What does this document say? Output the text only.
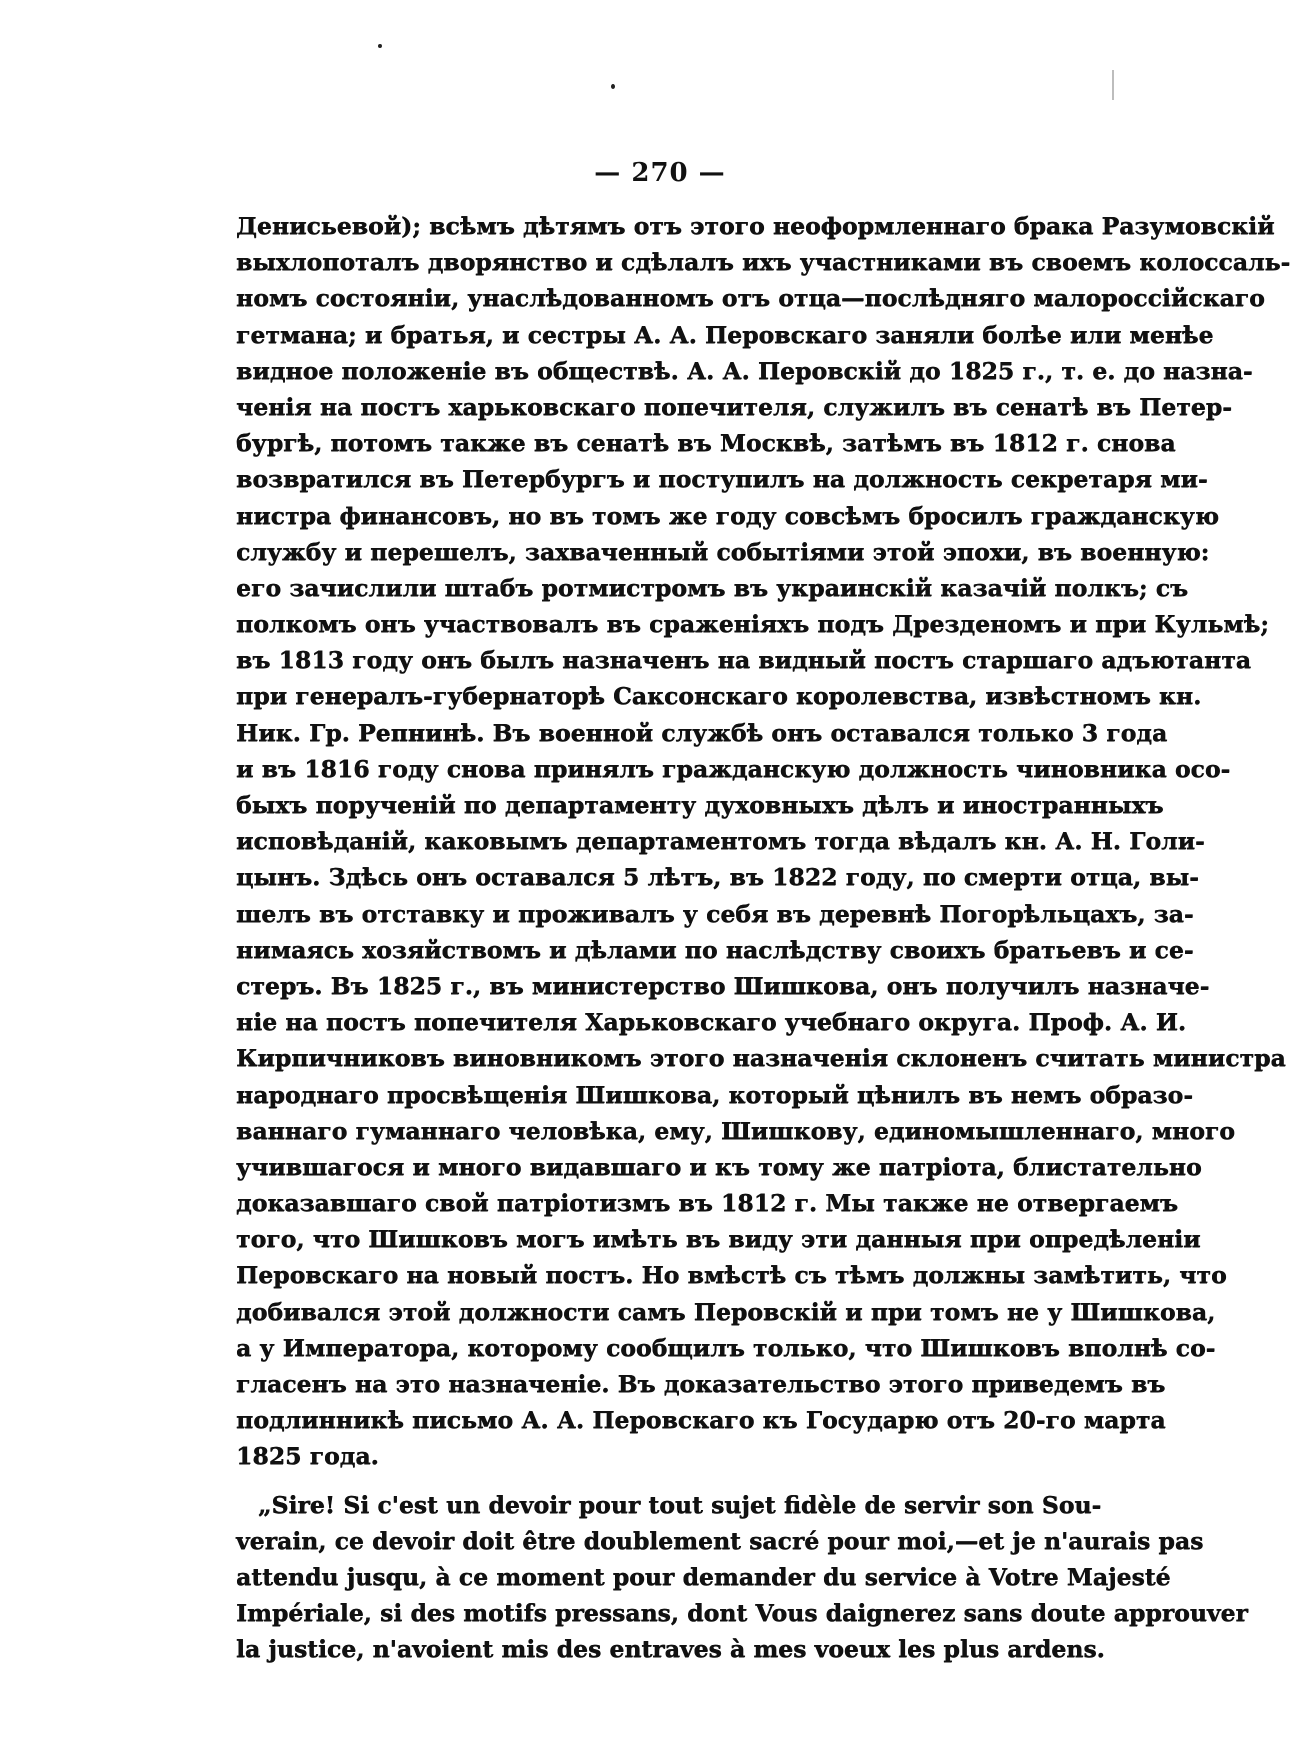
— 270 —
Денисьевой); всѣмъ дѣтямъ отъ этого неоформленнаго брака Разумовскій
выхлопоталъ дворянство и сдѣлалъ ихъ участниками въ своемъ колоссаль-
номъ состояніи, унаслѣдованномъ отъ отца—послѣдняго малороссійскаго
гетмана; и братья, и сестры А. А. Перовскаго заняли болѣе или менѣе
видное положеніе въ обществѣ. А. А. Перовскій до 1825 г., т. е. до назна-
ченія на постъ харьковскаго попечителя, служилъ въ сенатѣ въ Петер-
бургѣ, потомъ также въ сенатѣ въ Москвѣ, затѣмъ въ 1812 г. снова
возвратился въ Петербургъ и поступилъ на должность секретаря ми-
нистра финансовъ, но въ томъ же году совсѣмъ бросилъ гражданскую
службу и перешелъ, захваченный событіями этой эпохи, въ военную:
его зачислили штабъ ротмистромъ въ украинскій казачій полкъ; съ
полкомъ онъ участвовалъ въ сраженіяхъ подъ Дрезденомъ и при Кульмѣ;
въ 1813 году онъ былъ назначенъ на видный постъ старшаго адъютанта
при генералъ-губернаторѣ Саксонскаго королевства, извѣстномъ кн.
Ник. Гр. Репнинѣ. Въ военной службѣ онъ оставался только 3 года
и въ 1816 году снова принялъ гражданскую должность чиновника осо-
быхъ порученій по департаменту духовныхъ дѣлъ и иностранныхъ
исповѣданій, каковымъ департаментомъ тогда вѣдалъ кн. А. Н. Голи-
цынъ. Здѣсь онъ оставался 5 лѣтъ, въ 1822 году, по смерти отца, вы-
шелъ въ отставку и проживалъ у себя въ деревнѣ Погорѣльцахъ, за-
нимаясь хозяйствомъ и дѣлами по наслѣдству своихъ братьевъ и се-
стеръ. Въ 1825 г., въ министерство Шишкова, онъ получилъ назначе-
ніе на постъ попечителя Харьковскаго учебнаго округа. Проф. А. И.
Кирпичниковъ виновникомъ этого назначенія склоненъ считать министра
народнаго просвѣщенія Шишкова, который цѣнилъ въ немъ образо-
ваннаго гуманнаго человѣка, ему, Шишкову, единомышленнаго, много
учившагося и много видавшаго и къ тому же патріота, блистательно
доказавшаго свой патріотизмъ въ 1812 г. Мы также не отвергаемъ
того, что Шишковъ могъ имѣть въ виду эти данныя при опредѣленіи
Перовскаго на новый постъ. Но вмѣстѣ съ тѣмъ должны замѣтить, что
добивался этой должности самъ Перовскій и при томъ не у Шишкова,
а у Императора, которому сообщилъ только, что Шишковъ вполнѣ со-
гласенъ на это назначеніе. Въ доказательство этого приведемъ въ
подлинникѣ письмо А. А. Перовскаго къ Государю отъ 20-го марта
1825 года.
„Sire! Si c'est un devoir pour tout sujet fidèle de servir son Sou-
verain, ce devoir doit être doublement sacré pour moi,—et je n'aurais pas
attendu jusqu, à ce moment pour demander du service à Votre Majesté
Impériale, si des motifs pressans, dont Vous daignerez sans doute approuver
la justice, n'avoient mis des entraves à mes voeux les plus ardens.
